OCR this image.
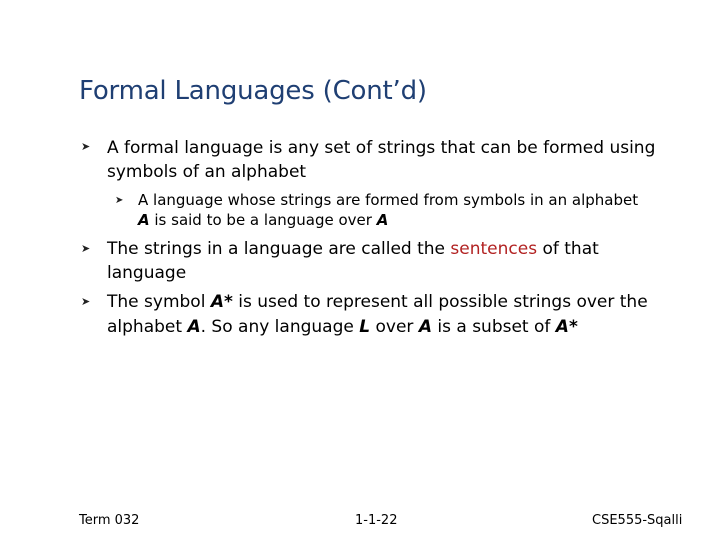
Formal Languages (Cont’d)
➤ A formal language is any set of strings that can be formed using
symbols of an alphabet
➤ A language whose strings are formed from symbols in an alphabet
A is said to be a language over A
➤ The strings in a language are called the sentences of that
language
➤ The symbol A* is used to represent all possible strings over the
alphabet A. So any language L over A is a subset of A*
Term 032	1-1-22	CSE555-Sqalli
